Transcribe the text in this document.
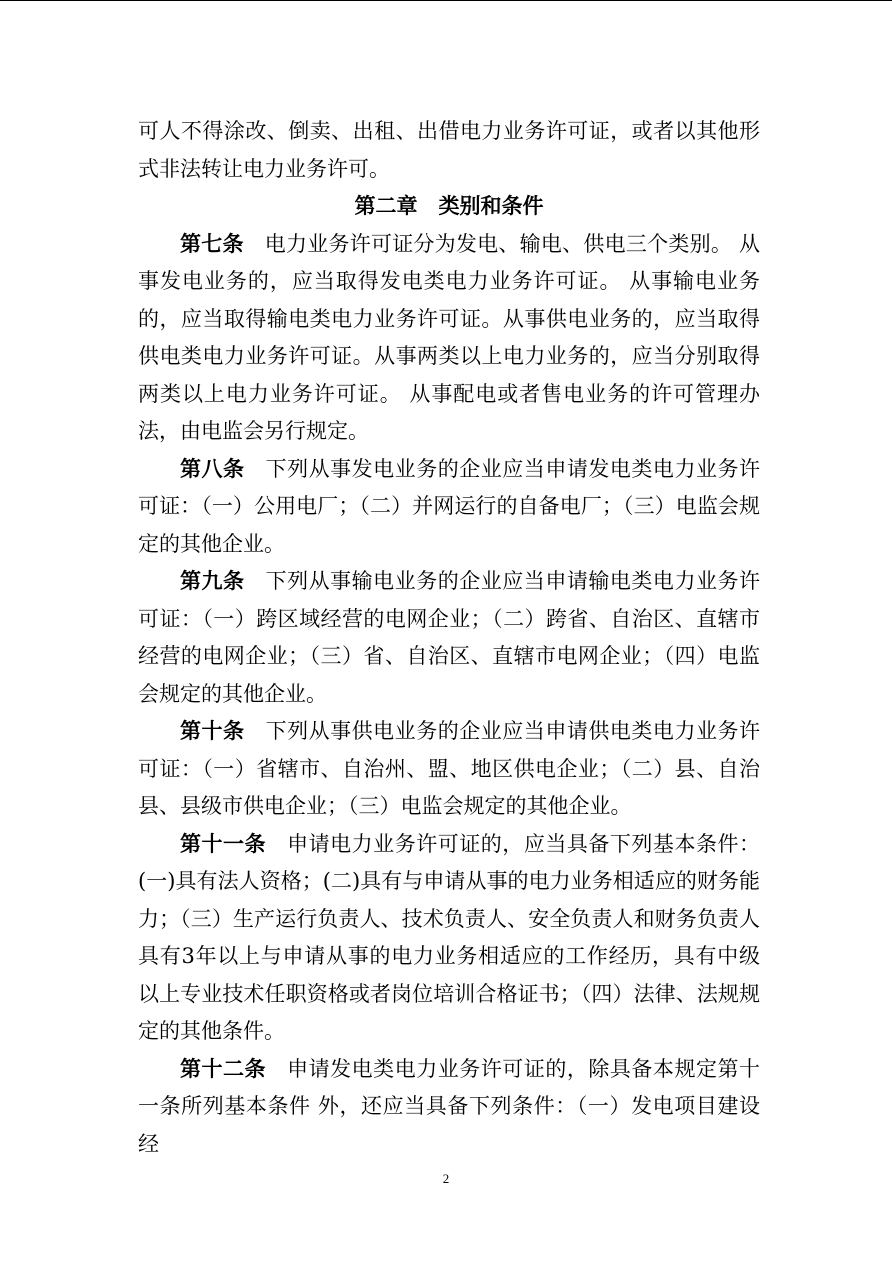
可人不得涂改、倒卖、出租、出借电力业务许可证，或者以其他形式非法转让电力业务许可。

第二章　类别和条件

第七条 电力业务许可证分为发电、输电、供电三个类别。 从事发电业务的，应当取得发电类电力业务许可证。 从事输电业务的，应当取得输电类电力业务许可证。从事供电业务的，应当取得供电类电力业务许可证。从事两类以上电力业务的，应当分别取得两类以上电力业务许可证。 从事配电或者售电业务的许可管理办法，由电监会另行规定。

第八条 下列从事发电业务的企业应当申请发电类电力业务许可证：（一）公用电厂；（二）并网运行的自备电厂；（三）电监会规定的其他企业。

第九条 下列从事输电业务的企业应当申请输电类电力业务许可证：（一）跨区域经营的电网企业；（二）跨省、自治区、直辖市经营的电网企业；（三）省、自治区、直辖市电网企业；（四）电监会规定的其他企业。

第十条 下列从事供电业务的企业应当申请供电类电力业务许可证：（一）省辖市、自治州、盟、地区供电企业；（二）县、自治县、县级市供电企业；（三）电监会规定的其他企业。

第十一条 申请电力业务许可证的，应当具备下列基本条件：(一)具有法人资格；(二)具有与申请从事的电力业务相适应的财务能力；（三）生产运行负责人、技术负责人、安全负责人和财务负责人具有3年以上与申请从事的电力业务相适应的工作经历，具有中级以上专业技术任职资格或者岗位培训合格证书；（四）法律、法规规定的其他条件。

第十二条 申请发电类电力业务许可证的，除具备本规定第十一条所列基本条件 外，还应当具备下列条件：（一）发电项目建设经

2
